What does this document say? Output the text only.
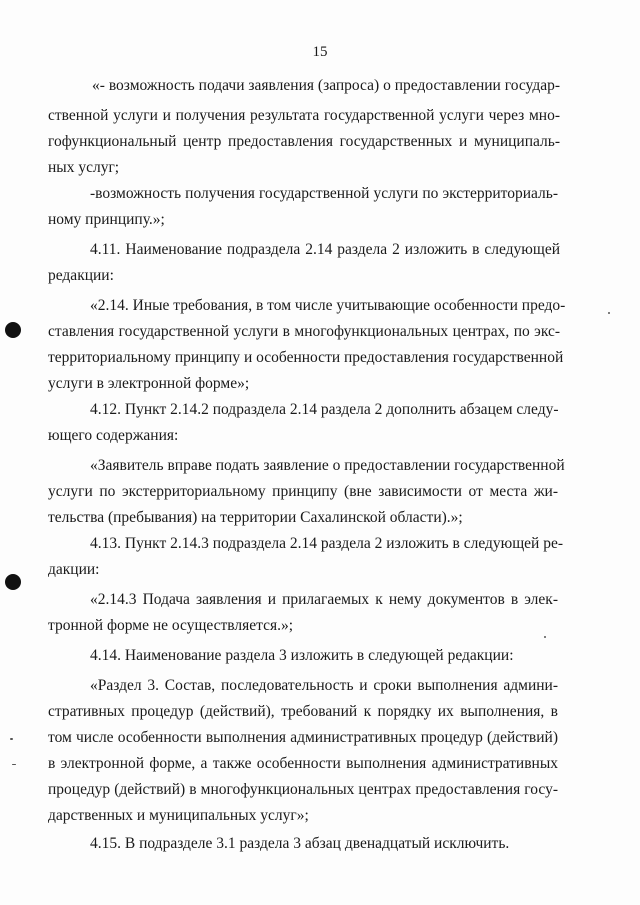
15
«- возможность подачи заявления (запроса) о предоставлении государ-
ственной услуги и получения результата государственной услуги через мно-
гофункциональный центр предоставления государственных и муниципаль-
ных услуг;
-возможность получения государственной услуги по экстерриториаль-
ному принципу.»;
4.11. Наименование подраздела 2.14 раздела 2 изложить в следующей
редакции:
«2.14. Иные требования, в том числе учитывающие особенности предо-
ставления государственной услуги в многофункциональных центрах, по экс-
территориальному принципу и особенности предоставления государственной
услуги в электронной форме»;
4.12. Пункт 2.14.2 подраздела 2.14 раздела 2 дополнить абзацем следу-
ющего содержания:
«Заявитель вправе подать заявление о предоставлении государственной
услуги по экстерриториальному принципу (вне зависимости от места жи-
тельства (пребывания) на территории Сахалинской области).»;
4.13. Пункт 2.14.3 подраздела 2.14 раздела 2 изложить в следующей ре-
дакции:
«2.14.3 Подача заявления и прилагаемых к нему документов в элек-
тронной форме не осуществляется.»;
4.14. Наименование раздела 3 изложить в следующей редакции:
«Раздел 3. Состав, последовательность и сроки выполнения админи-
стративных процедур (действий), требований к порядку их выполнения, в
том числе особенности выполнения административных процедур (действий)
в электронной форме, а также особенности выполнения административных
процедур (действий) в многофункциональных центрах предоставления госу-
дарственных и муниципальных услуг»;
4.15. В подразделе 3.1 раздела 3 абзац двенадцатый исключить.
